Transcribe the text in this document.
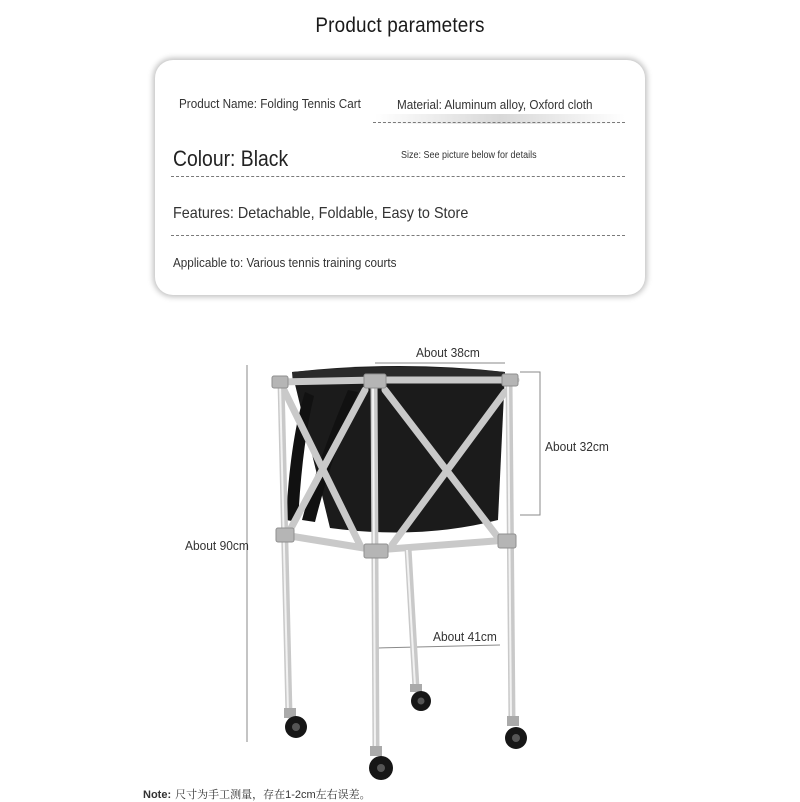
Product parameters
Product Name: Folding Tennis Cart	Material: Aluminum alloy, Oxford cloth
Colour: Black	Size: See picture below for details
Features: Detachable, Foldable, Easy to Store
Applicable to: Various tennis training courts
About 38cm
About 32cm
About 90cm
About 41cm
Note: 尺寸为手工测量，存在1-2cm左右误差。
